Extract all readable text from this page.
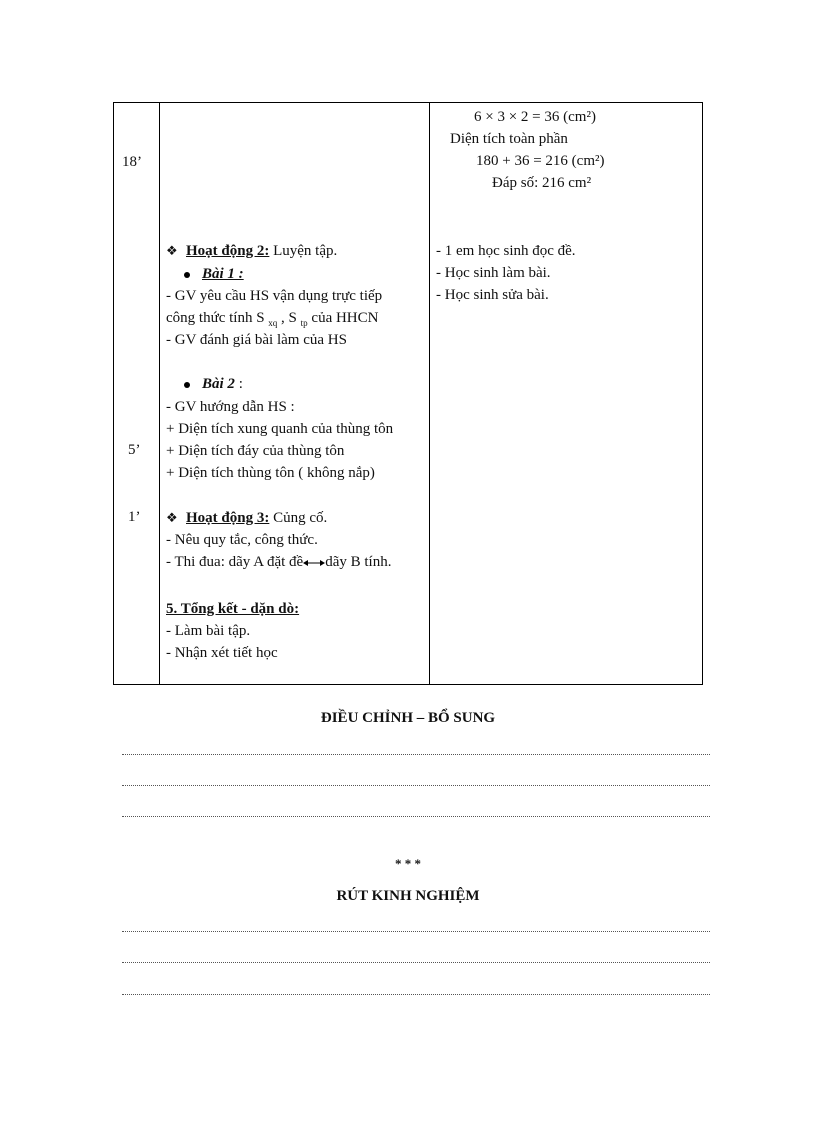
18’
5’
1’
6 × 3 × 2 = 36 (cm²)
Diện tích toàn phần
180 + 36 = 216 (cm²)
Đáp số: 216 cm²
❖ Hoạt động 2: Luyện tập.
Bài 1 :
- GV yêu cầu HS vận dụng trực tiếp
công thức tính S $_{xq}$ , S $_{tp}$ của HHCN
- GV đánh giá bài làm của HS
Bài 2 :
- GV hướng dẫn HS :
+ Diện tích xung quanh của thùng tôn
+ Diện tích đáy của thùng tôn
+ Diện tích thùng tôn ( không nắp)
- 1 em học sinh đọc đề.
- Học sinh làm bài.
- Học sinh sửa bài.
❖ Hoạt động 3: Củng cố.
- Nêu quy tắc, công thức.
- Thi đua: dãy A đặt đề dãy B tính.
5. Tổng kết - dặn dò:
- Làm bài tập.
- Nhận xét tiết học
ĐIỀU CHỈNH – BỔ SUNG
* * *
RÚT KINH NGHIỆM
